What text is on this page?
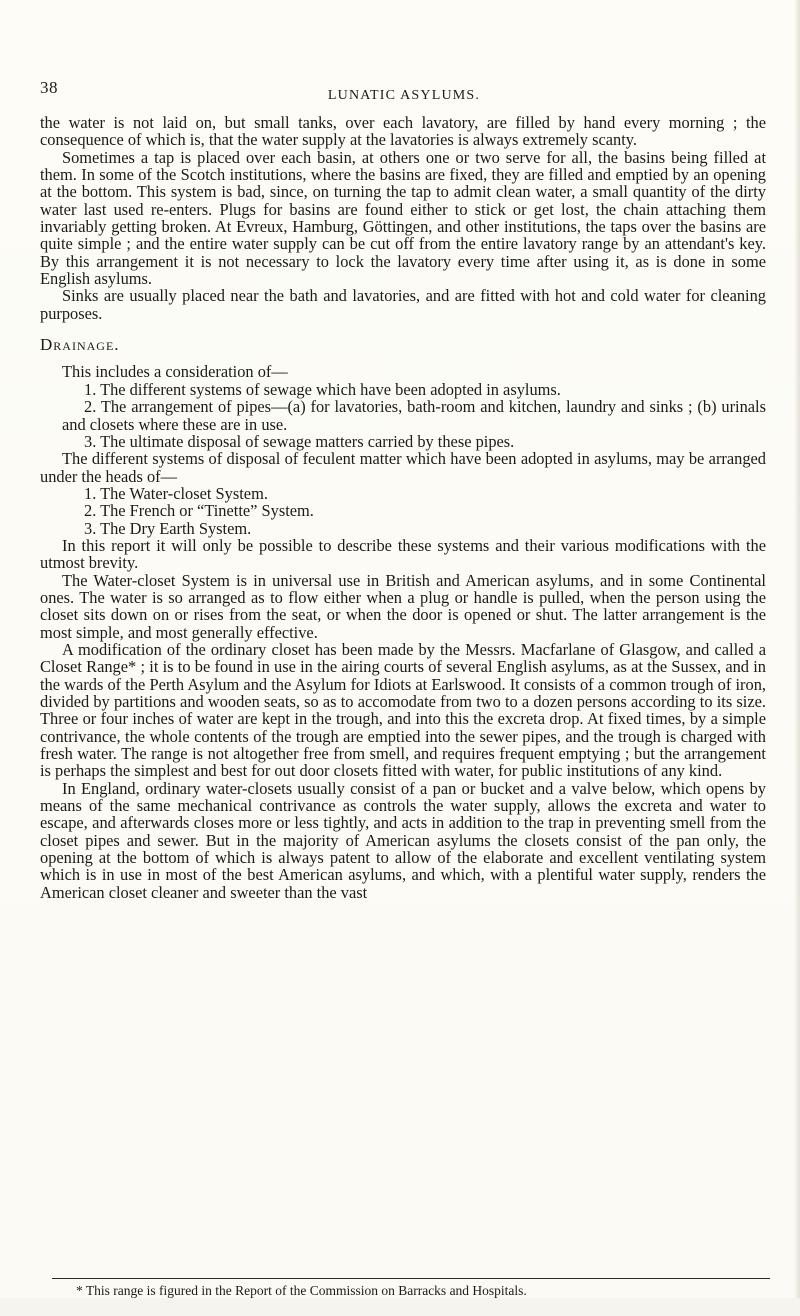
38	LUNATIC ASYLUMS.

the water is not laid on, but small tanks, over each lavatory, are filled by hand every morning ; the consequence of which is, that the water supply at the lavatories is always extremely scanty.

Sometimes a tap is placed over each basin, at others one or two serve for all, the basins being filled at them. In some of the Scotch institutions, where the basins are fixed, they are filled and emptied by an opening at the bottom. This system is bad, since, on turning the tap to admit clean water, a small quantity of the dirty water last used re-enters. Plugs for basins are found either to stick or get lost, the chain attaching them invariably getting broken. At Evreux, Hamburg, Göttingen, and other institutions, the taps over the basins are quite simple ; and the entire water supply can be cut off from the entire lavatory range by an attendant's key. By this arrangement it is not necessary to lock the lavatory every time after using it, as is done in some English asylums.

Sinks are usually placed near the bath and lavatories, and are fitted with hot and cold water for cleaning purposes.

Drainage.

This includes a consideration of—

1. The different systems of sewage which have been adopted in asylums.

2. The arrangement of pipes—(a) for lavatories, bath-room and kitchen, laundry and sinks ; (b) urinals and closets where these are in use.

3. The ultimate disposal of sewage matters carried by these pipes.

The different systems of disposal of feculent matter which have been adopted in asylums, may be arranged under the heads of—

1. The Water-closet System.

2. The French or “Tinette” System.

3. The Dry Earth System.

In this report it will only be possible to describe these systems and their various modifications with the utmost brevity.

The Water-closet System is in universal use in British and American asylums, and in some Continental ones. The water is so arranged as to flow either when a plug or handle is pulled, when the person using the closet sits down on or rises from the seat, or when the door is opened or shut. The latter arrangement is the most simple, and most generally effective.

A modification of the ordinary closet has been made by the Messrs. Macfarlane of Glasgow, and called a Closet Range* ; it is to be found in use in the airing courts of several English asylums, as at the Sussex, and in the wards of the Perth Asylum and the Asylum for Idiots at Earlswood. It consists of a common trough of iron, divided by partitions and wooden seats, so as to accomodate from two to a dozen persons according to its size. Three or four inches of water are kept in the trough, and into this the excreta drop. At fixed times, by a simple contrivance, the whole contents of the trough are emptied into the sewer pipes, and the trough is charged with fresh water. The range is not altogether free from smell, and requires frequent emptying ; but the arrangement is perhaps the simplest and best for out door closets fitted with water, for public institutions of any kind.

In England, ordinary water-closets usually consist of a pan or bucket and a valve below, which opens by means of the same mechanical contrivance as controls the water supply, allows the excreta and water to escape, and afterwards closes more or less tightly, and acts in addition to the trap in preventing smell from the closet pipes and sewer. But in the majority of American asylums the closets consist of the pan only, the opening at the bottom of which is always patent to allow of the elaborate and excellent ventilating system which is in use in most of the best American asylums, and which, with a plentiful water supply, renders the American closet cleaner and sweeter than the vast

* This range is figured in the Report of the Commission on Barracks and Hospitals.
